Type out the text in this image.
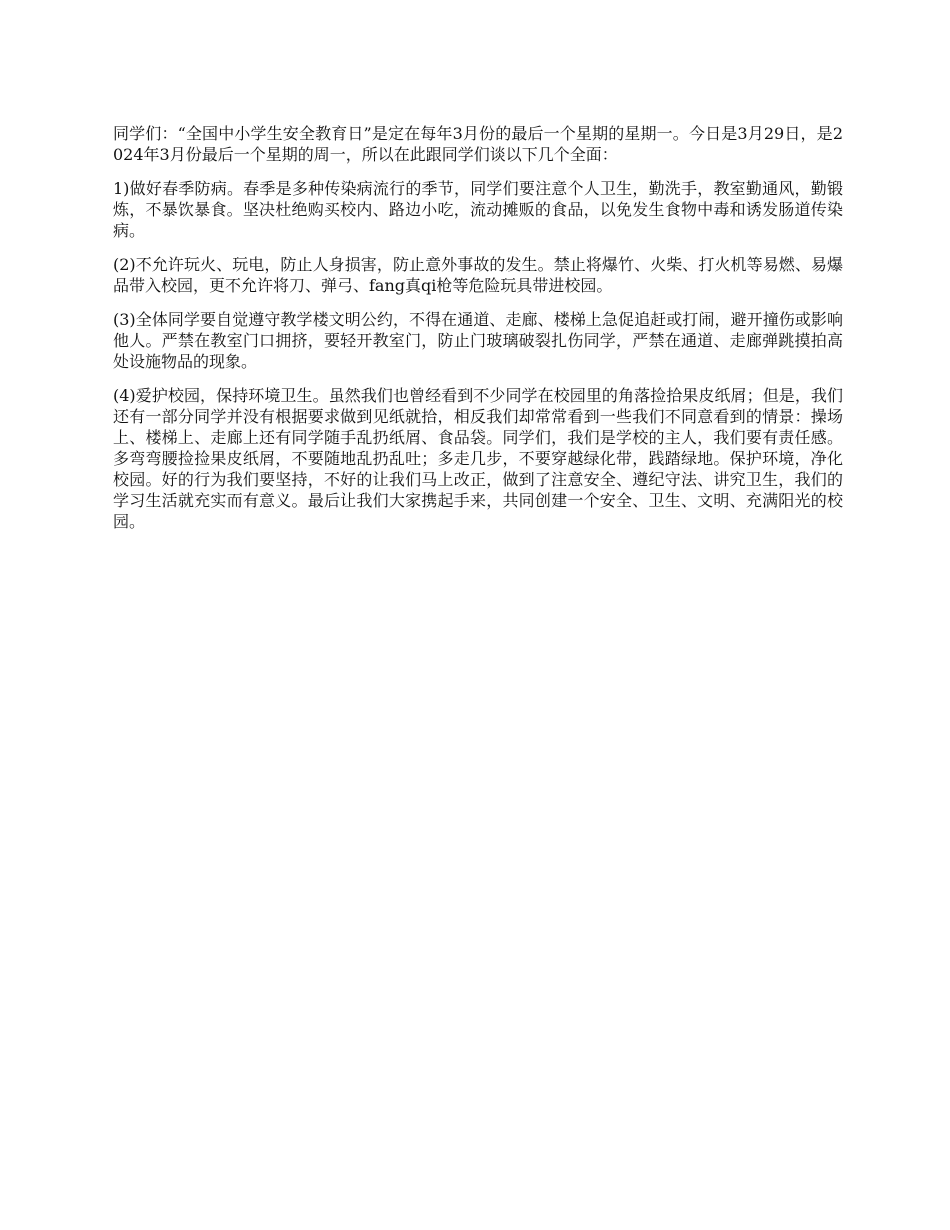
同学们：“全国中小学生安全教育日”是定在每年3月份的最后一个星期的星期一。今日是3月29日，是2024年3月份最后一个星期的周一，所以在此跟同学们谈以下几个全面：

1)做好春季防病。春季是多种传染病流行的季节，同学们要注意个人卫生，勤洗手，教室勤通风，勤锻炼，不暴饮暴食。坚决杜绝购买校内、路边小吃，流动摊贩的食品，以免发生食物中毒和诱发肠道传染病。

(2)不允许玩火、玩电，防止人身损害，防止意外事故的发生。禁止将爆竹、火柴、打火机等易燃、易爆品带入校园，更不允许将刀、弹弓、fang真qi枪等危险玩具带进校园。

(3)全体同学要自觉遵守教学楼文明公约，不得在通道、走廊、楼梯上急促追赶或打闹，避开撞伤或影响他人。严禁在教室门口拥挤，要轻开教室门，防止门玻璃破裂扎伤同学，严禁在通道、走廊弹跳摸拍高处设施物品的现象。

(4)爱护校园，保持环境卫生。虽然我们也曾经看到不少同学在校园里的角落捡拾果皮纸屑；但是，我们还有一部分同学并没有根据要求做到见纸就拾，相反我们却常常看到一些我们不同意看到的情景：操场上、楼梯上、走廊上还有同学随手乱扔纸屑、食品袋。同学们，我们是学校的主人，我们要有责任感。多弯弯腰捡捡果皮纸屑，不要随地乱扔乱吐；多走几步，不要穿越绿化带，践踏绿地。保护环境，净化校园。好的行为我们要坚持，不好的让我们马上改正，做到了注意安全、遵纪守法、讲究卫生，我们的学习生活就充实而有意义。最后让我们大家携起手来，共同创建一个安全、卫生、文明、充满阳光的校园。
